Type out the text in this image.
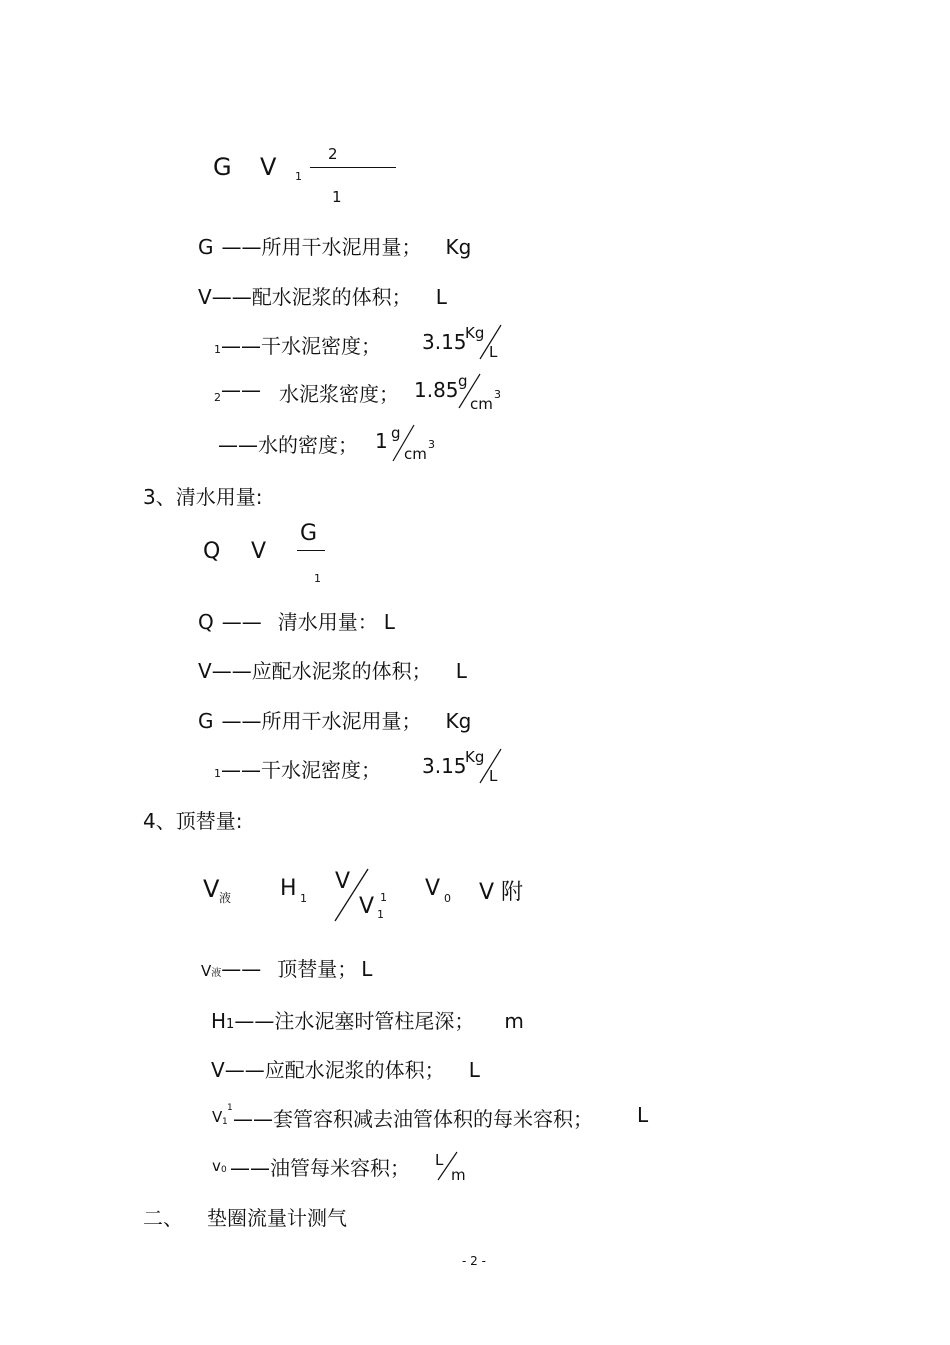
G V 1
2
1
G ——所用干水泥用量； Kg
V——配水泥浆的体积； L
1 ——干水泥密度； 3.15
Kg
L
2 —— 水泥浆密度； 1.85 g
cm
3
——水的密度； 1 g
cm
3
3、清水用量:
Q V
G
1
Q —— 清水用量： L
V——应配水泥浆的体积； L
G ——所用干水泥用量； Kg
1 ——干水泥密度； 3.15
Kg
L
4、顶替量:
V 液 H 1
V
V 1
1
V 0 V 附
V液—— 顶替量； L
H1——注水泥塞时管柱尾深； m
V——应配水泥浆的体积； L
V 1
1 ——套管容积减去油管体积的每米容积； L
v 0 ——油管每米容积； L
m
二、 垫圈流量计测气
- 2 -
